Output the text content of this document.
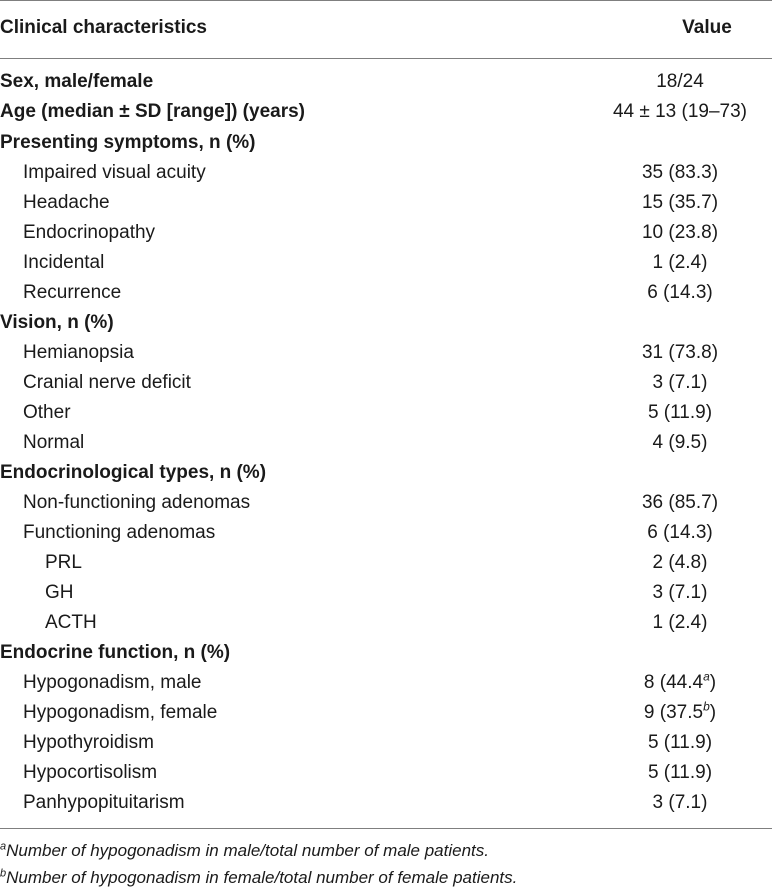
Clinical characteristics	Value
Sex, male/female	18/24
Age (median ± SD [range]) (years)	44 ± 13 (19–73)
Presenting symptoms, n (%)
Impaired visual acuity	35 (83.3)
Headache	15 (35.7)
Endocrinopathy	10 (23.8)
Incidental	1 (2.4)
Recurrence	6 (14.3)
Vision, n (%)
Hemianopsia	31 (73.8)
Cranial nerve deficit	3 (7.1)
Other	5 (11.9)
Normal	4 (9.5)
Endocrinological types, n (%)
Non-functioning adenomas	36 (85.7)
Functioning adenomas	6 (14.3)
PRL	2 (4.8)
GH	3 (7.1)
ACTH	1 (2.4)
Endocrine function, n (%)
Hypogonadism, male	8 (44.4$^a$)
Hypogonadism, female	9 (37.5$^b$)
Hypothyroidism	5 (11.9)
Hypocortisolism	5 (11.9)
Panhypopituitarism	3 (7.1)
$^a$Number of hypogonadism in male/total number of male patients.
$^b$Number of hypogonadism in female/total number of female patients.
